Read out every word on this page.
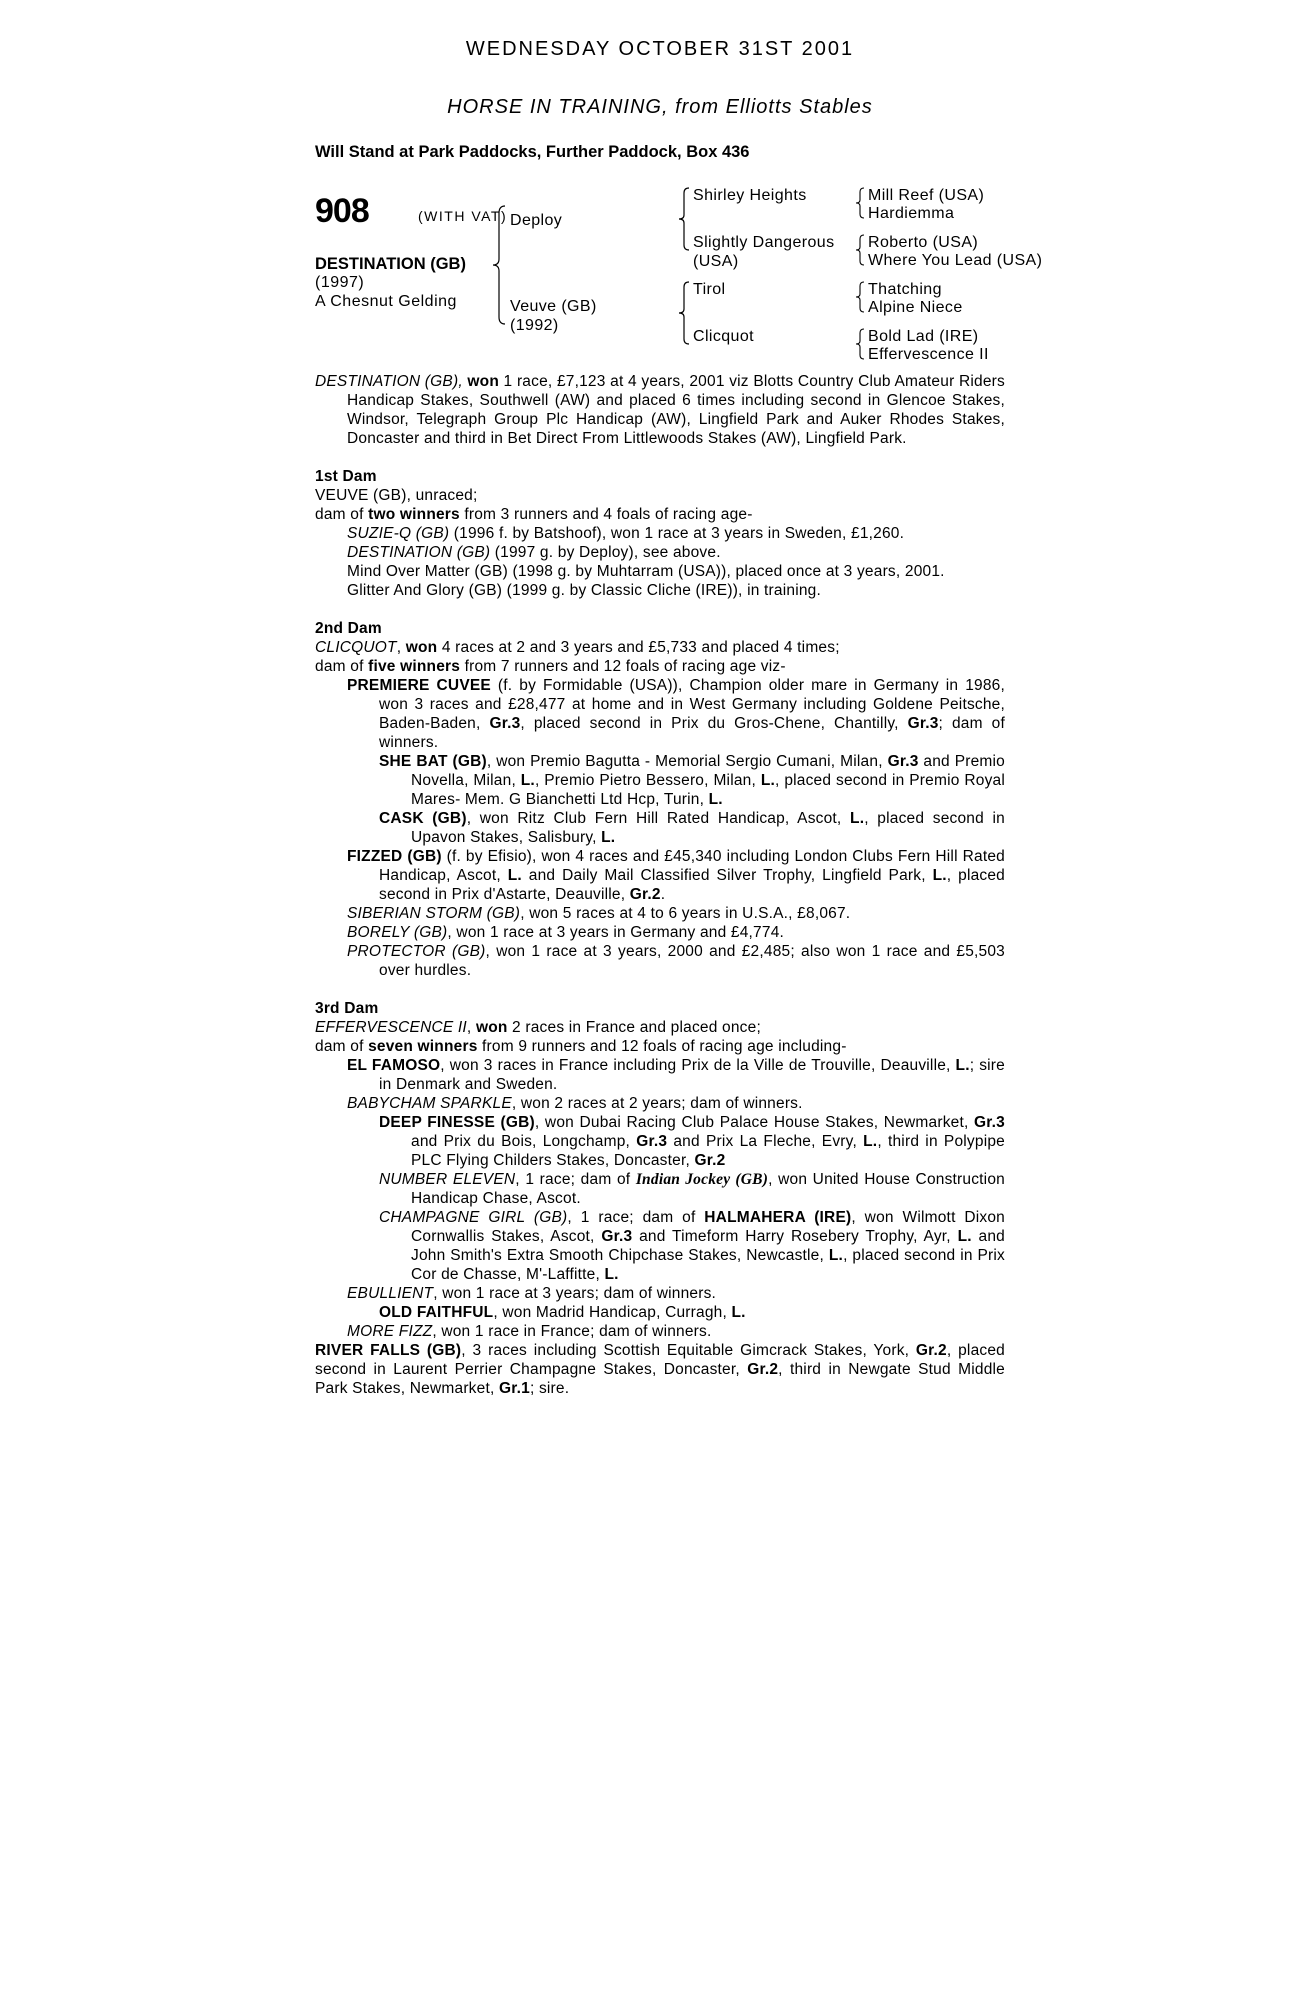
WEDNESDAY OCTOBER 31ST 2001
HORSE IN TRAINING, from Elliotts Stables
Will Stand at Park Paddocks, Further Paddock, Box 436
908	(WITH VAT)
DESTINATION (GB)
(1997)
A Chesnut Gelding
Deploy
Veuve (GB)
(1992)
Shirley Heights
Slightly Dangerous
(USA)
Tirol
Clicquot
Mill Reef (USA)
Hardiemma
Roberto (USA)
Where You Lead (USA)
Thatching
Alpine Niece
Bold Lad (IRE)
Effervescence II

DESTINATION (GB), won 1 race, £7,123 at 4 years, 2001 viz Blotts Country Club Amateur Riders Handicap Stakes, Southwell (AW) and placed 6 times including second in Glencoe Stakes, Windsor, Telegraph Group Plc Handicap (AW), Lingfield Park and Auker Rhodes Stakes, Doncaster and third in Bet Direct From Littlewoods Stakes (AW), Lingfield Park.

1st Dam

VEUVE (GB), unraced;

dam of two winners from 3 runners and 4 foals of racing age-

SUZIE-Q (GB) (1996 f. by Batshoof), won 1 race at 3 years in Sweden, £1,260.

DESTINATION (GB) (1997 g. by Deploy), see above.

Mind Over Matter (GB) (1998 g. by Muhtarram (USA)), placed once at 3 years, 2001.

Glitter And Glory (GB) (1999 g. by Classic Cliche (IRE)), in training.

2nd Dam

CLICQUOT, won 4 races at 2 and 3 years and £5,733 and placed 4 times;

dam of five winners from 7 runners and 12 foals of racing age viz-

PREMIERE CUVEE (f. by Formidable (USA)), Champion older mare in Germany in 1986, won 3 races and £28,477 at home and in West Germany including Goldene Peitsche, Baden-Baden, Gr.3, placed second in Prix du Gros-Chene, Chantilly, Gr.3; dam of winners.

SHE BAT (GB), won Premio Bagutta - Memorial Sergio Cumani, Milan, Gr.3 and Premio Novella, Milan, L., Premio Pietro Bessero, Milan, L., placed second in Premio Royal Mares- Mem. G Bianchetti Ltd Hcp, Turin, L.

CASK (GB), won Ritz Club Fern Hill Rated Handicap, Ascot, L., placed second in Upavon Stakes, Salisbury, L.

FIZZED (GB) (f. by Efisio), won 4 races and £45,340 including London Clubs Fern Hill Rated Handicap, Ascot, L. and Daily Mail Classified Silver Trophy, Lingfield Park, L., placed second in Prix d'Astarte, Deauville, Gr.2.

SIBERIAN STORM (GB), won 5 races at 4 to 6 years in U.S.A., £8,067.

BORELY (GB), won 1 race at 3 years in Germany and £4,774.

PROTECTOR (GB), won 1 race at 3 years, 2000 and £2,485; also won 1 race and £5,503 over hurdles.

3rd Dam

EFFERVESCENCE II, won 2 races in France and placed once;

dam of seven winners from 9 runners and 12 foals of racing age including-

EL FAMOSO, won 3 races in France including Prix de la Ville de Trouville, Deauville, L.; sire in Denmark and Sweden.

BABYCHAM SPARKLE, won 2 races at 2 years; dam of winners.

DEEP FINESSE (GB), won Dubai Racing Club Palace House Stakes, Newmarket, Gr.3 and Prix du Bois, Longchamp, Gr.3 and Prix La Fleche, Evry, L., third in Polypipe PLC Flying Childers Stakes, Doncaster, Gr.2

NUMBER ELEVEN, 1 race; dam of Indian Jockey (GB), won United House Construction Handicap Chase, Ascot.

CHAMPAGNE GIRL (GB), 1 race; dam of HALMAHERA (IRE), won Wilmott Dixon Cornwallis Stakes, Ascot, Gr.3 and Timeform Harry Rosebery Trophy, Ayr, L. and John Smith's Extra Smooth Chipchase Stakes, Newcastle, L., placed second in Prix Cor de Chasse, M'-Laffitte, L.

EBULLIENT, won 1 race at 3 years; dam of winners.

OLD FAITHFUL, won Madrid Handicap, Curragh, L.

MORE FIZZ, won 1 race in France; dam of winners.

RIVER FALLS (GB), 3 races including Scottish Equitable Gimcrack Stakes, York, Gr.2, placed second in Laurent Perrier Champagne Stakes, Doncaster, Gr.2, third in Newgate Stud Middle Park Stakes, Newmarket, Gr.1; sire.
